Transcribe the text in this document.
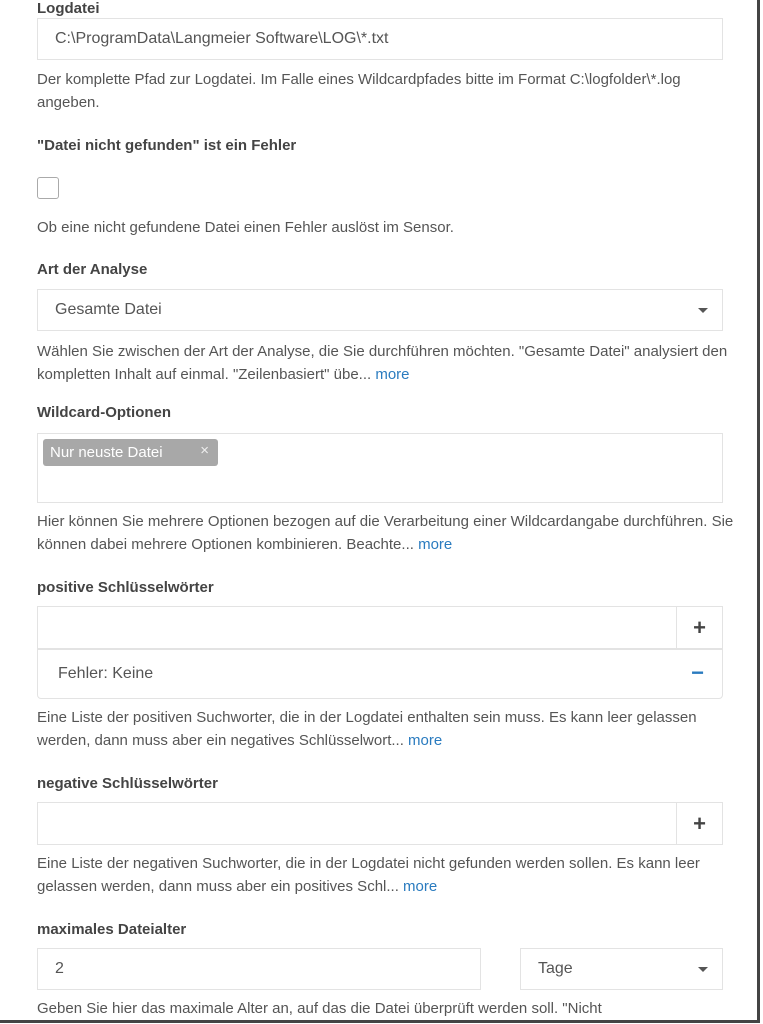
Logdatei
C:\ProgramData\Langmeier Software\LOG\*.txt
Der komplette Pfad zur Logdatei. Im Falle eines Wildcardpfades bitte im Format C:\logfolder\*.log angeben.
"Datei nicht gefunden" ist ein Fehler
Ob eine nicht gefundene Datei einen Fehler auslöst im Sensor.
Art der Analyse
Gesamte Datei
Wählen Sie zwischen der Art der Analyse, die Sie durchführen möchten. "Gesamte Datei" analysiert den kompletten Inhalt auf einmal. "Zeilenbasiert" übe... more
Wildcard-Optionen
Nur neuste Datei	×
Hier können Sie mehrere Optionen bezogen auf die Verarbeitung einer Wildcardangabe durchführen. Sie können dabei mehrere Optionen kombinieren. Beachte... more
positive Schlüsselwörter
+
Fehler: Keine	−
Eine Liste der positiven Suchworter, die in der Logdatei enthalten sein muss. Es kann leer gelassen werden, dann muss aber ein negatives Schlüsselwort... more
negative Schlüsselwörter
+
Eine Liste der negativen Suchworter, die in der Logdatei nicht gefunden werden sollen. Es kann leer gelassen werden, dann muss aber ein positives Schl... more
maximales Dateialter
2	Tage
Geben Sie hier das maximale Alter an, auf das die Datei überprüft werden soll. "Nicht
